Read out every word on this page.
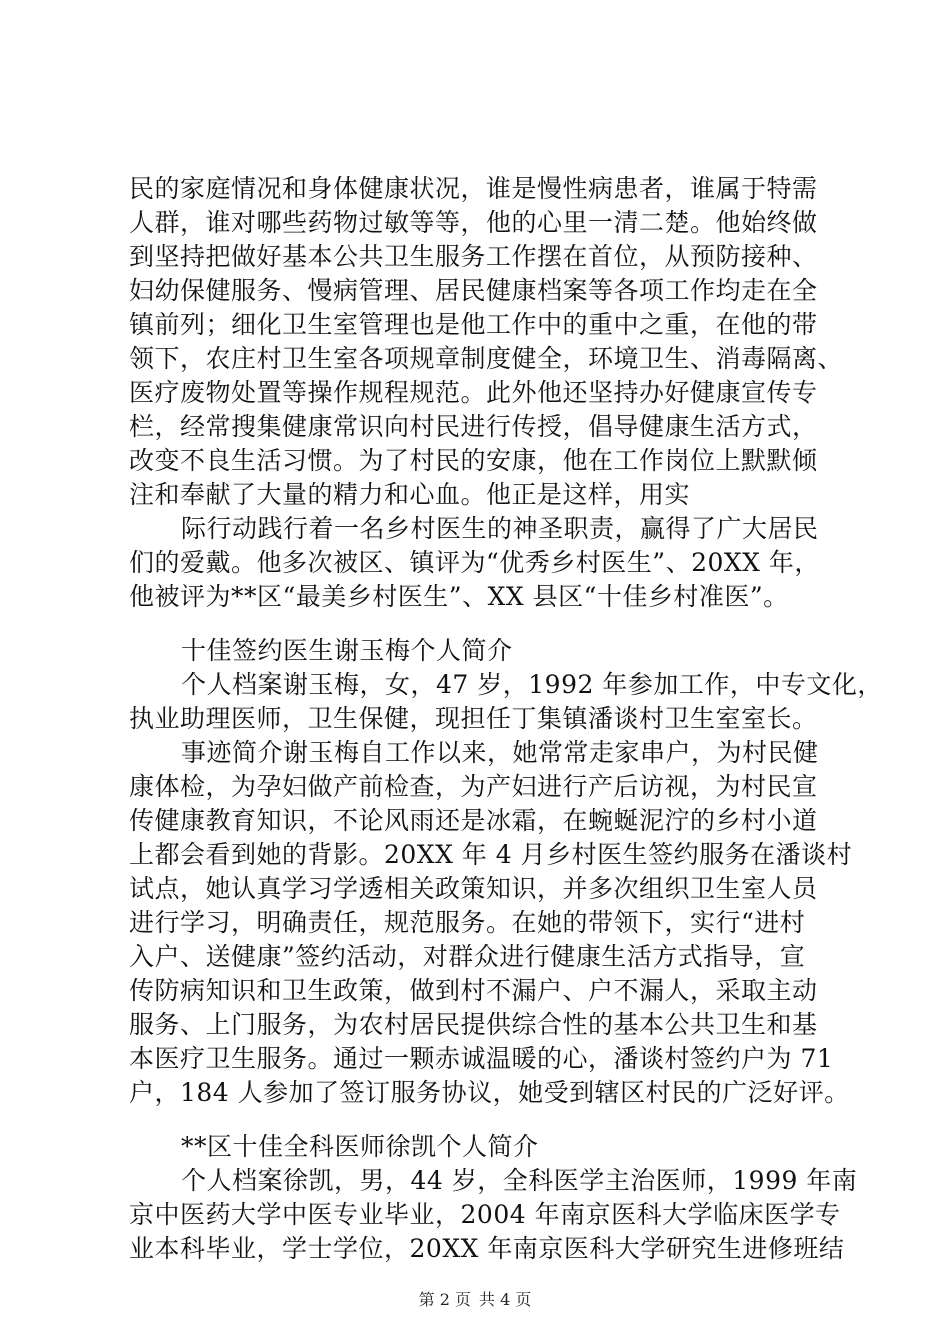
民的家庭情况和身体健康状况，谁是慢性病患者，谁属于特需
人群，谁对哪些药物过敏等等，他的心里一清二楚。他始终做
到坚持把做好基本公共卫生服务工作摆在首位，从预防接种、
妇幼保健服务、慢病管理、居民健康档案等各项工作均走在全
镇前列；细化卫生室管理也是他工作中的重中之重，在他的带
领下，农庄村卫生室各项规章制度健全，环境卫生、消毒隔离、
医疗废物处置等操作规程规范。此外他还坚持办好健康宣传专
栏，经常搜集健康常识向村民进行传授，倡导健康生活方式，
改变不良生活习惯。为了村民的安康，他在工作岗位上默默倾
注和奉献了大量的精力和心血。他正是这样，用实
际行动践行着一名乡村医生的神圣职责，赢得了广大居民
们的爱戴。他多次被区、镇评为“优秀乡村医生”、20XX 年，
他被评为**区“最美乡村医生”、XX 县区“十佳乡村准医”。
十佳签约医生谢玉梅个人简介
个人档案谢玉梅，女，47 岁，1992 年参加工作，中专文化，
执业助理医师，卫生保健，现担任丁集镇潘谈村卫生室室长。
事迹简介谢玉梅自工作以来，她常常走家串户，为村民健
康体检，为孕妇做产前检查，为产妇进行产后访视，为村民宣
传健康教育知识，不论风雨还是冰霜，在蜿蜒泥泞的乡村小道
上都会看到她的背影。20XX 年 4 月乡村医生签约服务在潘谈村
试点，她认真学习学透相关政策知识，并多次组织卫生室人员
进行学习，明确责任，规范服务。在她的带领下，实行“进村
入户、送健康”签约活动，对群众进行健康生活方式指导，宣
传防病知识和卫生政策，做到村不漏户、户不漏人，采取主动
服务、上门服务，为农村居民提供综合性的基本公共卫生和基
本医疗卫生服务。通过一颗赤诚温暖的心，潘谈村签约户为 71
户，184 人参加了签订服务协议，她受到辖区村民的广泛好评。
**区十佳全科医师徐凯个人简介
个人档案徐凯，男，44 岁，全科医学主治医师，1999 年南
京中医药大学中医专业毕业，2004 年南京医科大学临床医学专
业本科毕业，学士学位，20XX 年南京医科大学研究生进修班结
第 2 页 共 4 页
